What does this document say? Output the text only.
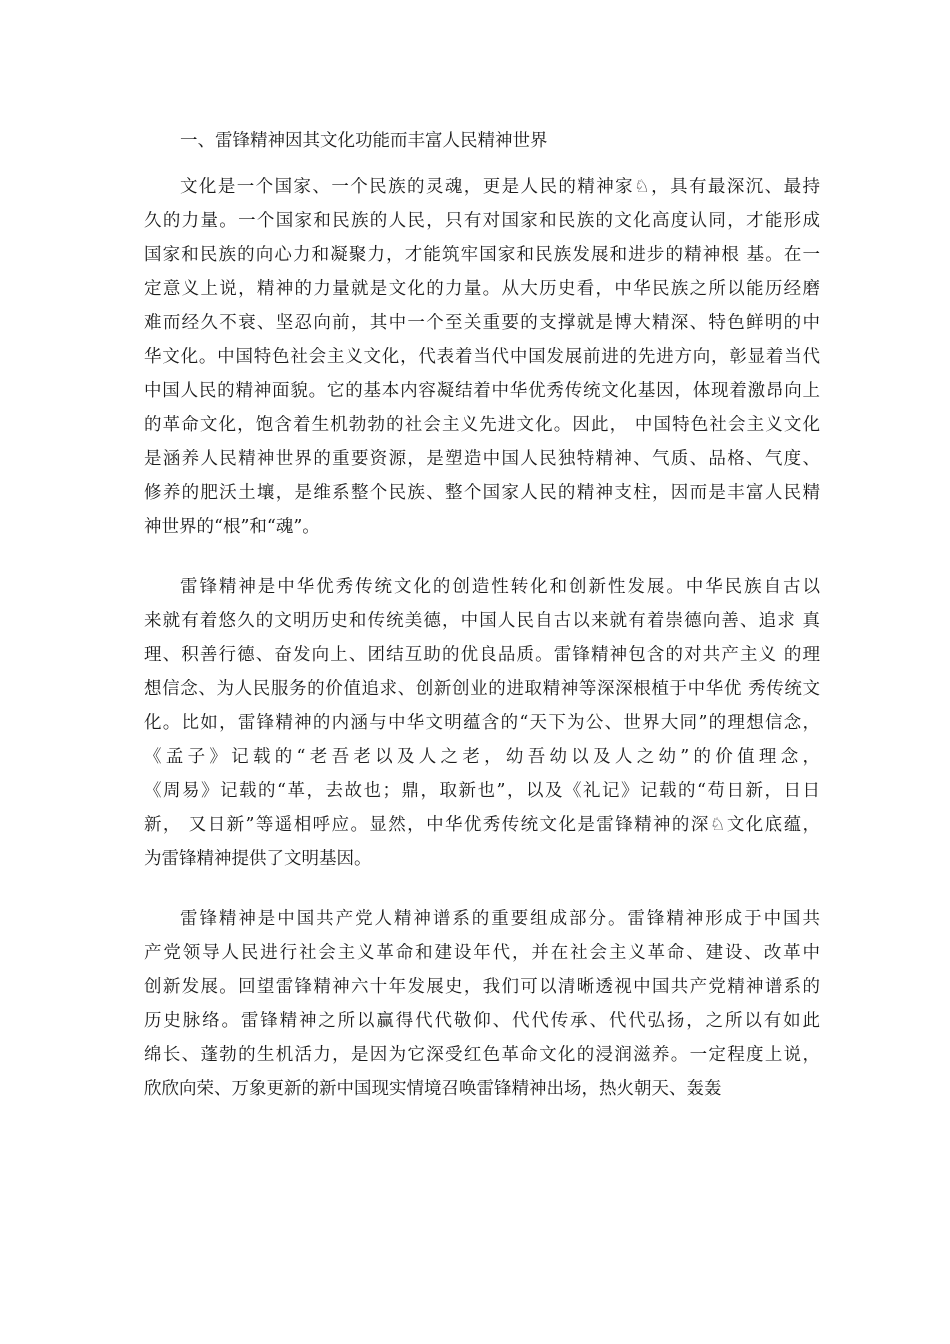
一、雷锋精神因其文化功能而丰富人民精神世界
文化是一个国家、一个民族的灵魂，更是人民的精神家♘，具有最深沉、最持
久的力量。一个国家和民族的人民，只有对国家和民族的文化高度认同，才能形成
国家和民族的向心力和凝聚力，才能筑牢国家和民族发展和进步的精神根 基。在一
定意义上说，精神的力量就是文化的力量。从大历史看，中华民族之所以能历经磨
难而经久不衰、坚忍向前，其中一个至关重要的支撑就是博大精深、特色鲜明的中
华文化。中国特色社会主义文化，代表着当代中国发展前进的先进方向，彰显着当代
中国人民的精神面貌。它的基本内容凝结着中华优秀传统文化基因，体现着激昂向上
的革命文化，饱含着生机勃勃的社会主义先进文化。因此， 中国特色社会主义文化
是涵养人民精神世界的重要资源，是塑造中国人民独特精神、气质、品格、气度、
修养的肥沃土壤，是维系整个民族、整个国家人民的精神支柱，因而是丰富人民精
神世界的“根”和“魂”。
雷锋精神是中华优秀传统文化的创造性转化和创新性发展。中华民族自古以
来就有着悠久的文明历史和传统美德，中国人民自古以来就有着崇德向善、追求 真
理、积善行德、奋发向上、团结互助的优良品质。雷锋精神包含的对共产主义 的理
想信念、为人民服务的价值追求、创新创业的进取精神等深深根植于中华优 秀传统文
化。比如，雷锋精神的内涵与中华文明蕴含的“天下为公、世界大同”的理想信念，
《孟子》记载的“老吾老以及人之老，幼吾幼以及人之幼”的价值理念，
《周易》记载的“革，去故也；鼎，取新也”，以及《礼记》记载的“苟日新，日日
新， 又日新”等遥相呼应。显然，中华优秀传统文化是雷锋精神的深♘文化底蕴，
为雷锋精神提供了文明基因。
雷锋精神是中国共产党人精神谱系的重要组成部分。雷锋精神形成于中国共
产党领导人民进行社会主义革命和建设年代，并在社会主义革命、建设、改革中
创新发展。回望雷锋精神六十年发展史，我们可以清晰透视中国共产党精神谱系的
历史脉络。雷锋精神之所以赢得代代敬仰、代代传承、代代弘扬，之所以有如此
绵长、蓬勃的生机活力，是因为它深受红色革命文化的浸润滋养。一定程度上说，
欣欣向荣、万象更新的新中国现实情境召唤雷锋精神出场，热火朝天、轰轰
